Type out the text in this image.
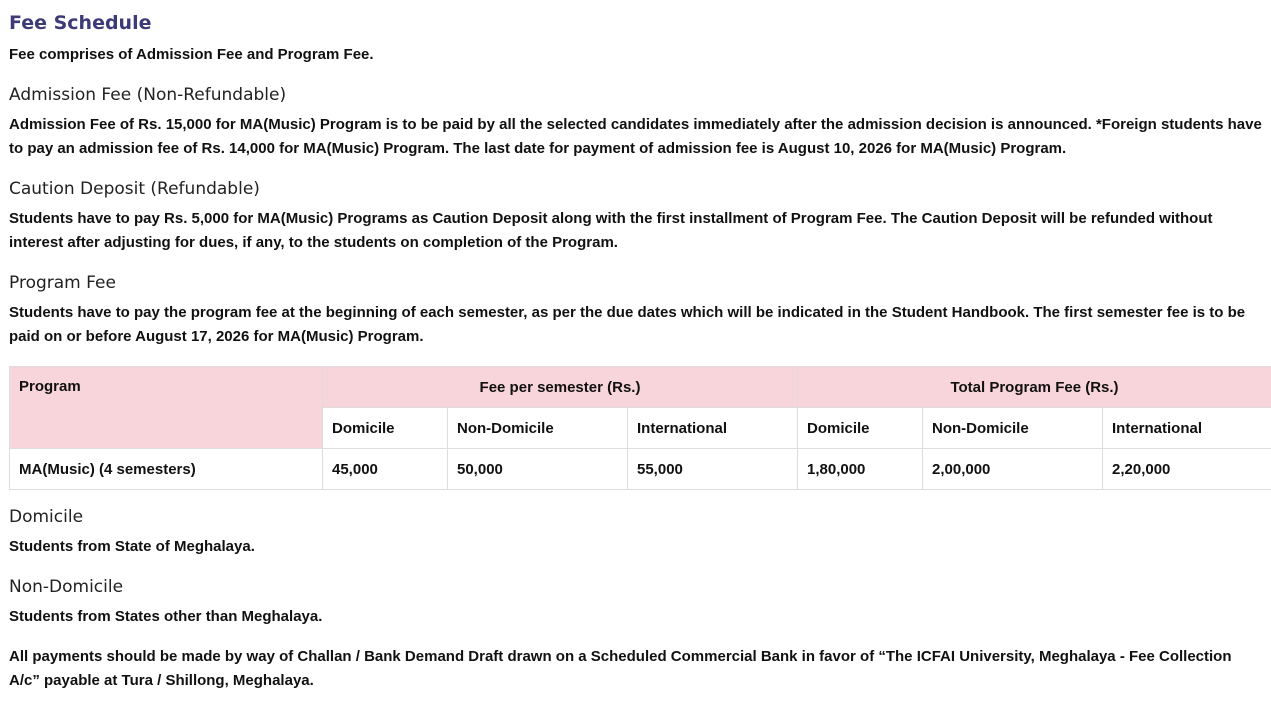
Fee Schedule
Fee comprises of Admission Fee and Program Fee.
Admission Fee (Non-Refundable)
Admission Fee of Rs. 15,000 for MA(Music) Program is to be paid by all the selected candidates immediately after the admission decision is announced. *Foreign students have to pay an admission fee of Rs. 14,000 for MA(Music) Program. The last date for payment of admission fee is August 10, 2026 for MA(Music) Program.
Caution Deposit (Refundable)
Students have to pay Rs. 5,000 for MA(Music) Programs as Caution Deposit along with the first installment of Program Fee. The Caution Deposit will be refunded without interest after adjusting for dues, if any, to the students on completion of the Program.
Program Fee
Students have to pay the program fee at the beginning of each semester, as per the due dates which will be indicated in the Student Handbook. The first semester fee is to be paid on or before August 17, 2026 for MA(Music) Program.
Program	Fee per semester (Rs.)			Total Program Fee (Rs.)		
	Domicile	Non-Domicile	International	Domicile	Non-Domicile	International
MA(Music) (4 semesters)	45,000	50,000	55,000	1,80,000	2,00,000	2,20,000
Domicile
Students from State of Meghalaya.
Non-Domicile
Students from States other than Meghalaya.
All payments should be made by way of Challan / Bank Demand Draft drawn on a Scheduled Commercial Bank in favor of “The ICFAI University, Meghalaya - Fee Collection A/c” payable at Tura / Shillong, Meghalaya.
